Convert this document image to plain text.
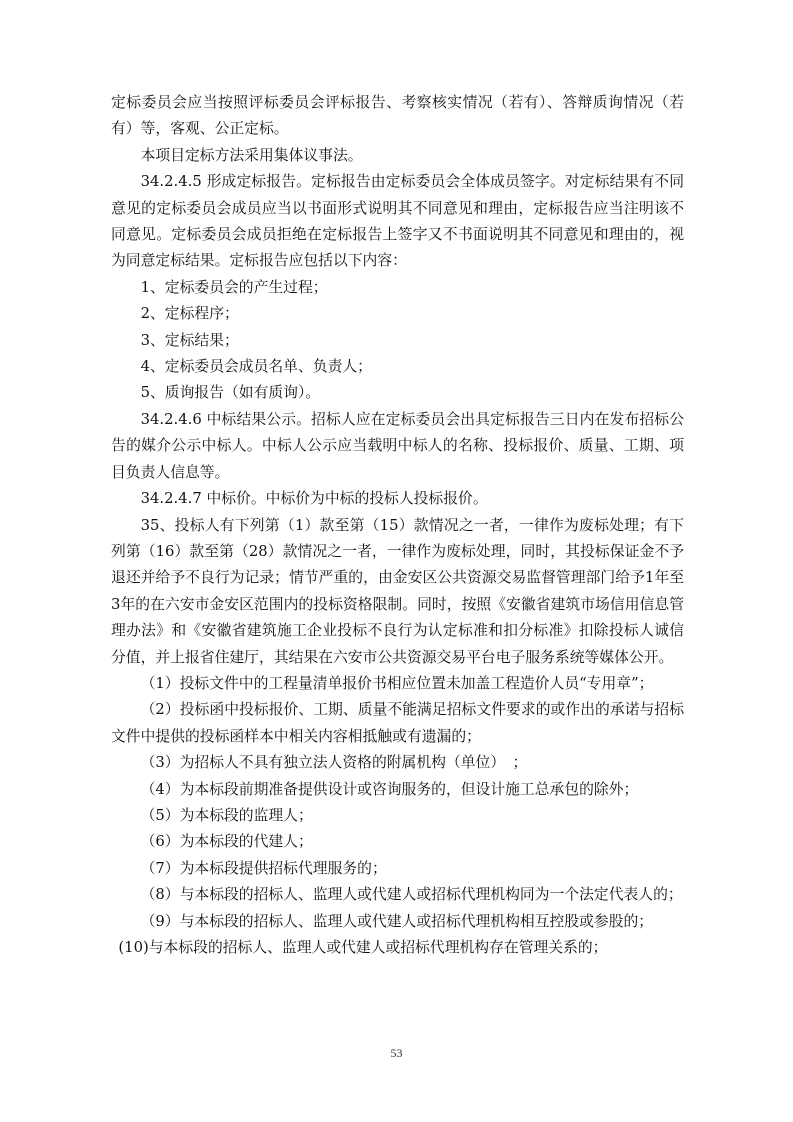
定标委员会应当按照评标委员会评标报告、考察核实情况（若有）、答辩质询情况（若有）等，客观、公正定标。

本项目定标方法采用集体议事法。

34.2.4.5 形成定标报告。定标报告由定标委员会全体成员签字。对定标结果有不同意见的定标委员会成员应当以书面形式说明其不同意见和理由，定标报告应当注明该不同意见。定标委员会成员拒绝在定标报告上签字又不书面说明其不同意见和理由的，视为同意定标结果。定标报告应包括以下内容：

1、定标委员会的产生过程；

2、定标程序；

3、定标结果；

4、定标委员会成员名单、负责人；

5、质询报告（如有质询）。

34.2.4.6 中标结果公示。招标人应在定标委员会出具定标报告三日内在发布招标公告的媒介公示中标人。中标人公示应当载明中标人的名称、投标报价、质量、工期、项目负责人信息等。

34.2.4.7 中标价。中标价为中标的投标人投标报价。

35、投标人有下列第（1）款至第（15）款情况之一者，一律作为废标处理；有下列第（16）款至第（28）款情况之一者，一律作为废标处理，同时，其投标保证金不予退还并给予不良行为记录；情节严重的，由金安区公共资源交易监督管理部门给予1年至3年的在六安市金安区范围内的投标资格限制。同时，按照《安徽省建筑市场信用信息管理办法》和《安徽省建筑施工企业投标不良行为认定标准和扣分标准》扣除投标人诚信分值，并上报省住建厅，其结果在六安市公共资源交易平台电子服务系统等媒体公开。

（1）投标文件中的工程量清单报价书相应位置未加盖工程造价人员“专用章”；

（2）投标函中投标报价、工期、质量不能满足招标文件要求的或作出的承诺与招标文件中提供的投标函样本中相关内容相抵触或有遗漏的；

（3）为招标人不具有独立法人资格的附属机构（单位）　；

（4）为本标段前期准备提供设计或咨询服务的，但设计施工总承包的除外；

（5）为本标段的监理人；

（6）为本标段的代建人；

（7）为本标段提供招标代理服务的；

（8）与本标段的招标人、监理人或代建人或招标代理机构同为一个法定代表人的；

（9）与本标段的招标人、监理人或代建人或招标代理机构相互控股或参股的；

(10)与本标段的招标人、监理人或代建人或招标代理机构存在管理关系的；

53
